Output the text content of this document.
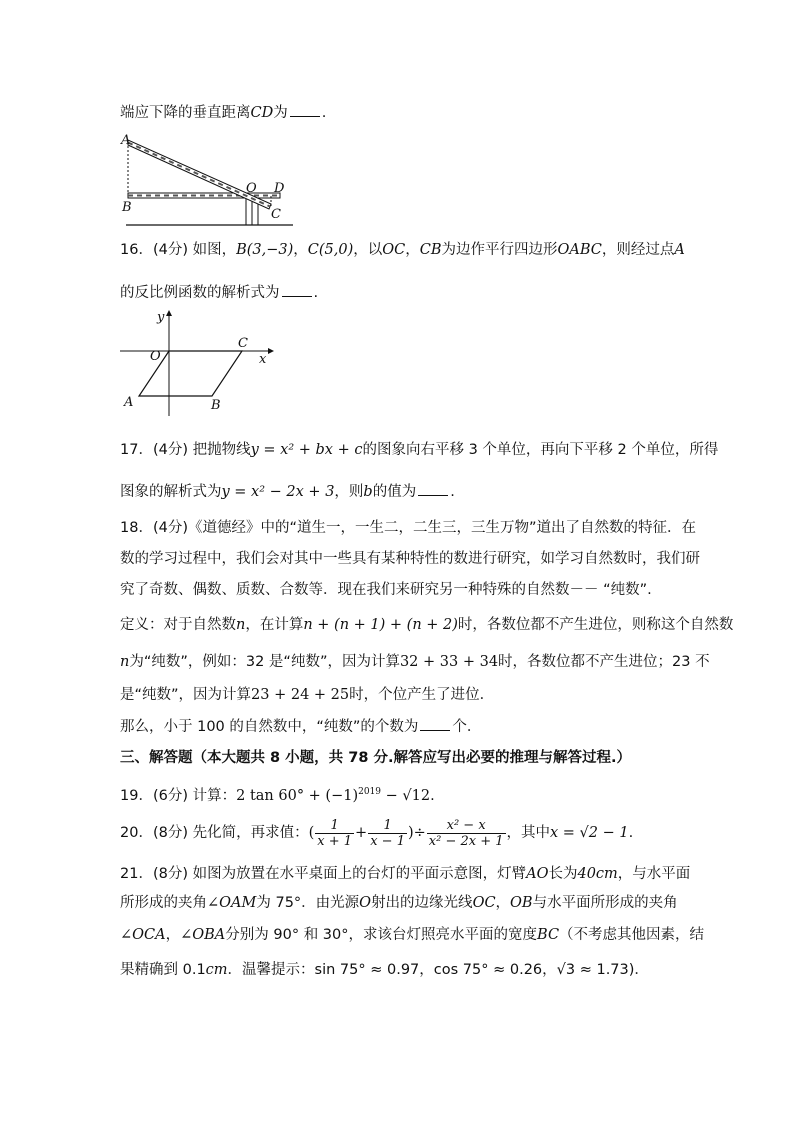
端应下降的垂直距离CD为 .
A
B
O D
C
16．(4分) 如图，B(3,−3)，C(5,0)，以OC，CB为边作平行四边形OABC，则经过点A
的反比例函数的解析式为 .
y
x
O
C
A	B
17．(4分) 把抛物线y = x² + bx + c的图象向右平移 3 个单位，再向下平移 2 个单位，所得
图象的解析式为y = x² − 2x + 3，则b的值为 .
18．(4分)《道德经》中的“道生一，一生二，二生三，三生万物”道出了自然数的特征．在
数的学习过程中，我们会对其中一些具有某种特性的数进行研究，如学习自然数时，我们研
究了奇数、偶数、质数、合数等．现在我们来研究另一种特殊的自然数－－ “纯数”.
定义：对于自然数n，在计算n + (n + 1) + (n + 2)时，各数位都不产生进位，则称这个自然数
n为“纯数”，例如：32 是“纯数”，因为计算32 + 33 + 34时，各数位都不产生进位；23 不
是“纯数”，因为计算23 + 24 + 25时，个位产生了进位．
那么，小于 100 的自然数中，“纯数”的个数为 个．
三、解答题（本大题共 8 小题，共 78 分.解答应写出必要的推理与解答过程.）
19．(6分) 计算：2 $\tan 60^\circ + (-1)^{2019} - √12$.
20．(8分) 先化简，再求值：( $\frac{1}{x + 1} + \frac{1}{x - 1}$ )÷ $\frac{\text{x² − x}}{\text{x² − 2x + 1}}$ ，其中x = √2 − 1.
21．(8分) 如图为放置在水平桌面上的台灯的平面示意图，灯臂AO长为40cm，与水平面
所形成的夹角∠OAM为 75°．由光源O射出的边缘光线OC，OB与水平面所形成的夹角
∠OCA，∠OBA分别为 90° 和 30°，求该台灯照亮水平面的宽度BC（不考虑其他因素，结
果精确到 0.1cm．温馨提示：sin 75° ≈ 0.97，cos 75° ≈ 0.26，√3 ≈ 1.73)．
